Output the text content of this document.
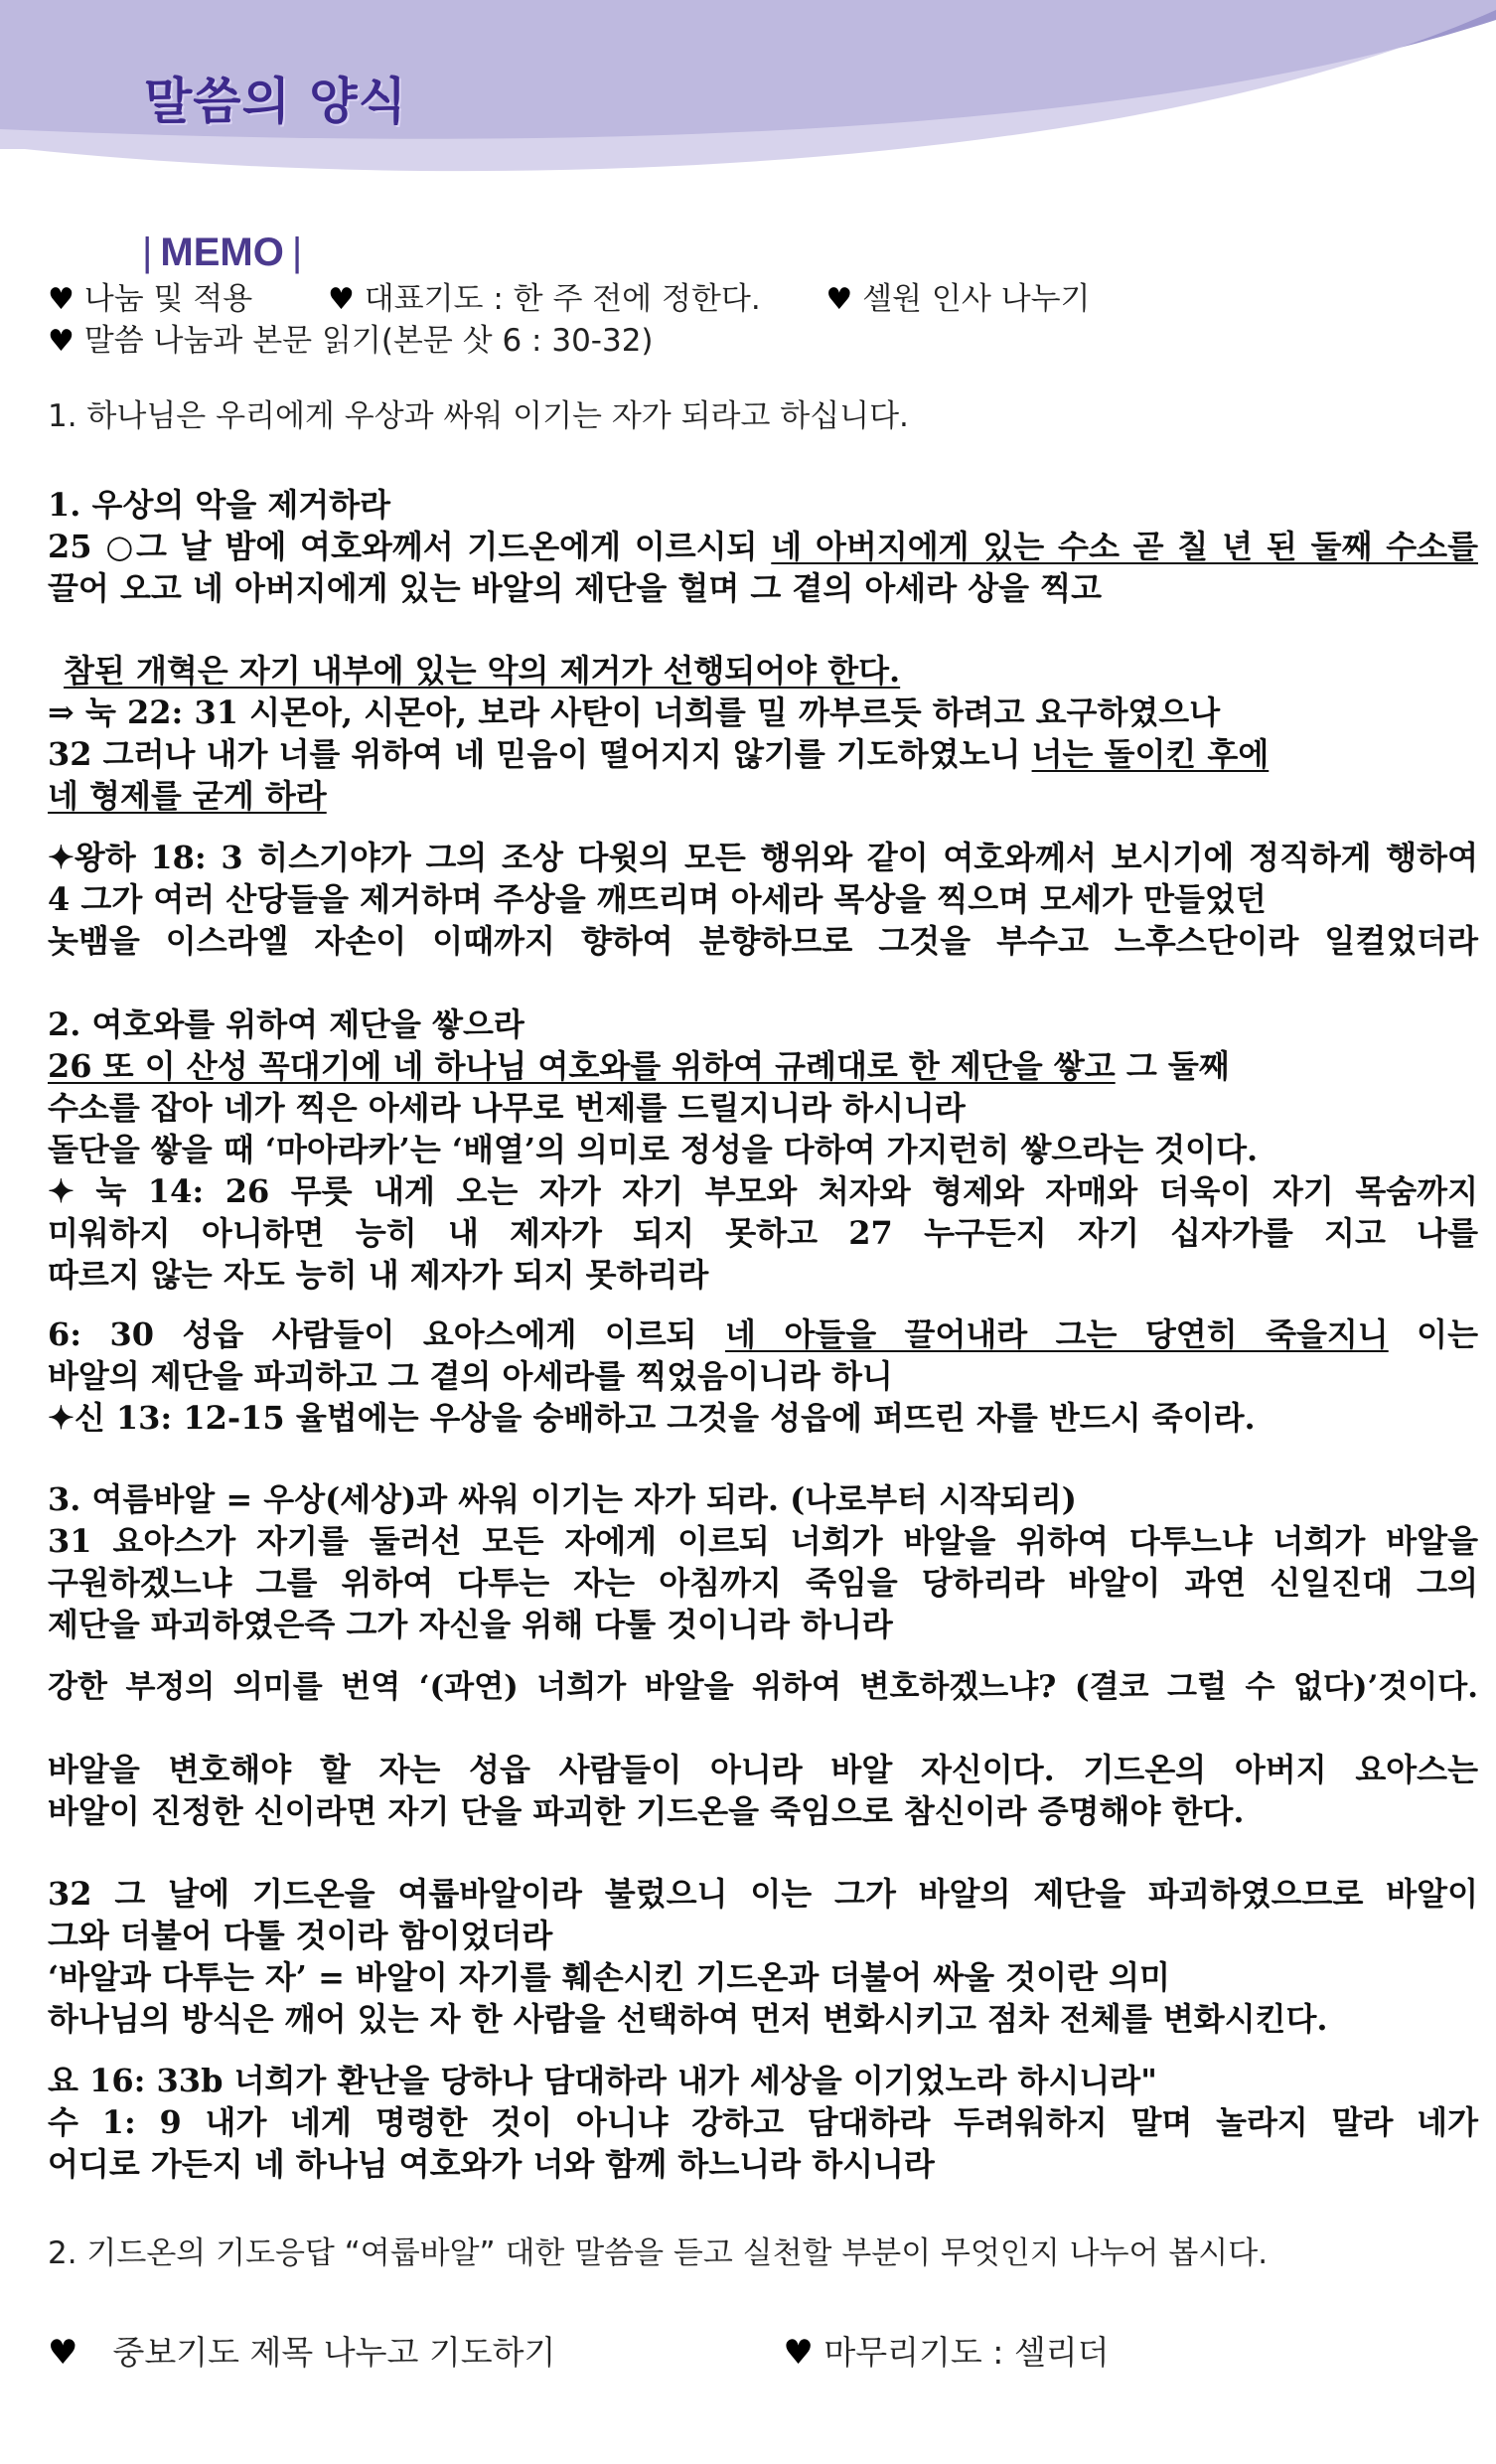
말씀의 양식
| MEMO |
♥ 나눔 및 적용	♥ 대표기도 : 한 주 전에 정한다. ♥ 셀원 인사 나누기
♥ 말씀 나눔과 본문 읽기(본문 삿 6 : 30-32)
1. 하나님은 우리에게 우상과 싸워 이기는 자가 되라고 하십니다.
1. 우상의 악을 제거하라
25 ○그 날 밤에 여호와께서 기드온에게 이르시되 네 아버지에게 있는 수소 곧 칠 년 된 둘째 수소를
끌어 오고 네 아버지에게 있는 바알의 제단을 헐며 그 곁의 아세라 상을 찍고
참된 개혁은 자기 내부에 있는 악의 제거가 선행되어야 한다.
⇒ 눅 22: 31 시몬아, 시몬아, 보라 사탄이 너희를 밀 까부르듯 하려고 요구하였으나
32 그러나 내가 너를 위하여 네 믿음이 떨어지지 않기를 기도하였노니 너는 돌이킨 후에
네 형제를 굳게 하라
✦왕하 18: 3 히스기야가 그의 조상 다윗의 모든 행위와 같이 여호와께서 보시기에 정직하게 행하여
4 그가 여러 산당들을 제거하며 주상을 깨뜨리며 아세라 목상을 찍으며 모세가 만들었던
놋뱀을 이스라엘 자손이 이때까지 향하여 분향하므로 그것을 부수고 느후스단이라 일컬었더라
2. 여호와를 위하여 제단을 쌓으라
26 또 이 산성 꼭대기에 네 하나님 여호와를 위하여 규례대로 한 제단을 쌓고 그 둘째
수소를 잡아 네가 찍은 아세라 나무로 번제를 드릴지니라 하시니라
돌단을 쌓을 때 ‘마아라카’는 ‘배열’의 의미로 정성을 다하여 가지런히 쌓으라는 것이다.
✦ 눅 14: 26 무릇 내게 오는 자가 자기 부모와 처자와 형제와 자매와 더욱이 자기 목숨까지
미워하지 아니하면 능히 내 제자가 되지 못하고 27 누구든지 자기 십자가를 지고 나를
따르지 않는 자도 능히 내 제자가 되지 못하리라
6: 30 성읍 사람들이 요아스에게 이르되 네 아들을 끌어내라 그는 당연히 죽을지니 이는
바알의 제단을 파괴하고 그 곁의 아세라를 찍었음이니라 하니
✦신 13: 12-15 율법에는 우상을 숭배하고 그것을 성읍에 퍼뜨린 자를 반드시 죽이라.
3. 여름바알 = 우상(세상)과 싸워 이기는 자가 되라. (나로부터 시작되리)
31 요아스가 자기를 둘러선 모든 자에게 이르되 너희가 바알을 위하여 다투느냐 너희가 바알을
구원하겠느냐 그를 위하여 다투는 자는 아침까지 죽임을 당하리라 바알이 과연 신일진대 그의
제단을 파괴하였은즉 그가 자신을 위해 다툴 것이니라 하니라
강한 부정의 의미를 번역 ‘(과연) 너희가 바알을 위하여 변호하겠느냐? (결코 그럴 수 없다)’것이다.
바알을 변호해야 할 자는 성읍 사람들이 아니라 바알 자신이다. 기드온의 아버지 요아스는
바알이 진정한 신이라면 자기 단을 파괴한 기드온을 죽임으로 참신이라 증명해야 한다.
32 그 날에 기드온을 여룹바알이라 불렀으니 이는 그가 바알의 제단을 파괴하였으므로 바알이
그와 더불어 다툴 것이라 함이었더라
‘바알과 다투는 자’ = 바알이 자기를 훼손시킨 기드온과 더불어 싸울 것이란 의미
하나님의 방식은 깨어 있는 자 한 사람을 선택하여 먼저 변화시키고 점차 전체를 변화시킨다.
요 16: 33b 너희가 환난을 당하나 담대하라 내가 세상을 이기었노라 하시니라"
수 1: 9 내가 네게 명령한 것이 아니냐 강하고 담대하라 두려워하지 말며 놀라지 말라 네가
어디로 가든지 네 하나님 여호와가 너와 함께 하느니라 하시니라
2. 기드온의 기도응답 “여룹바알” 대한 말씀을 듣고 실천할 부분이 무엇인지 나누어 봅시다.
♥ 중보기도 제목 나누고 기도하기	♥ 마무리기도 : 셀리더
